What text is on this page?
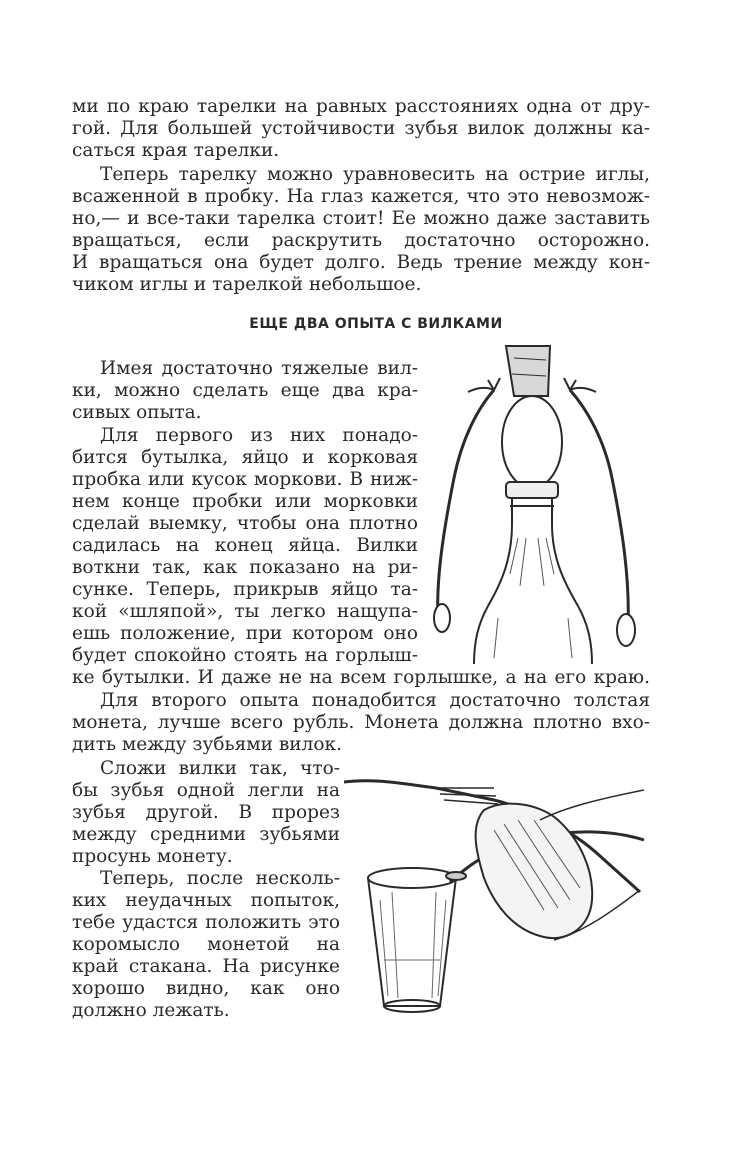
ми по краю тарелки на равных расстояниях одна от дру-
гой. Для большей устойчивости зубья вилок должны ка-
саться края тарелки.
Теперь тарелку можно уравновесить на острие иглы,
всаженной в пробку. На глаз кажется, что это невозмож-
но,— и все-таки тарелка стоит! Ее можно даже заставить
вращаться, если раскрутить достаточно осторожно.
И вращаться она будет долго. Ведь трение между кон-
чиком иглы и тарелкой небольшое.
ЕЩЕ ДВА ОПЫТА С ВИЛКАМИ
Имея достаточно тяжелые вил-
ки, можно сделать еще два кра-
сивых опыта.
Для первого из них понадо-
бится бутылка, яйцо и корковая
пробка или кусок моркови. В ниж-
нем конце пробки или морковки
сделай выемку, чтобы она плотно
садилась на конец яйца. Вилки
воткни так, как показано на ри-
сунке. Теперь, прикрыв яйцо та-
кой «шляпой», ты легко нащупа-
ешь положение, при котором оно
будет спокойно стоять на горлыш-
ке бутылки. И даже не на всем горлышке, а на его краю.
Для второго опыта понадобится достаточно толстая
монета, лучше всего рубль. Монета должна плотно вхо-
дить между зубьями вилок.
Сложи вилки так, что-
бы зубья одной легли на
зубья другой. В прорез
между средними зубьями
просунь монету.
Теперь, после несколь-
ких неудачных попыток,
тебе удастся положить это
коромысло монетой на
край стакана. На рисунке
хорошо видно, как оно
должно лежать.
